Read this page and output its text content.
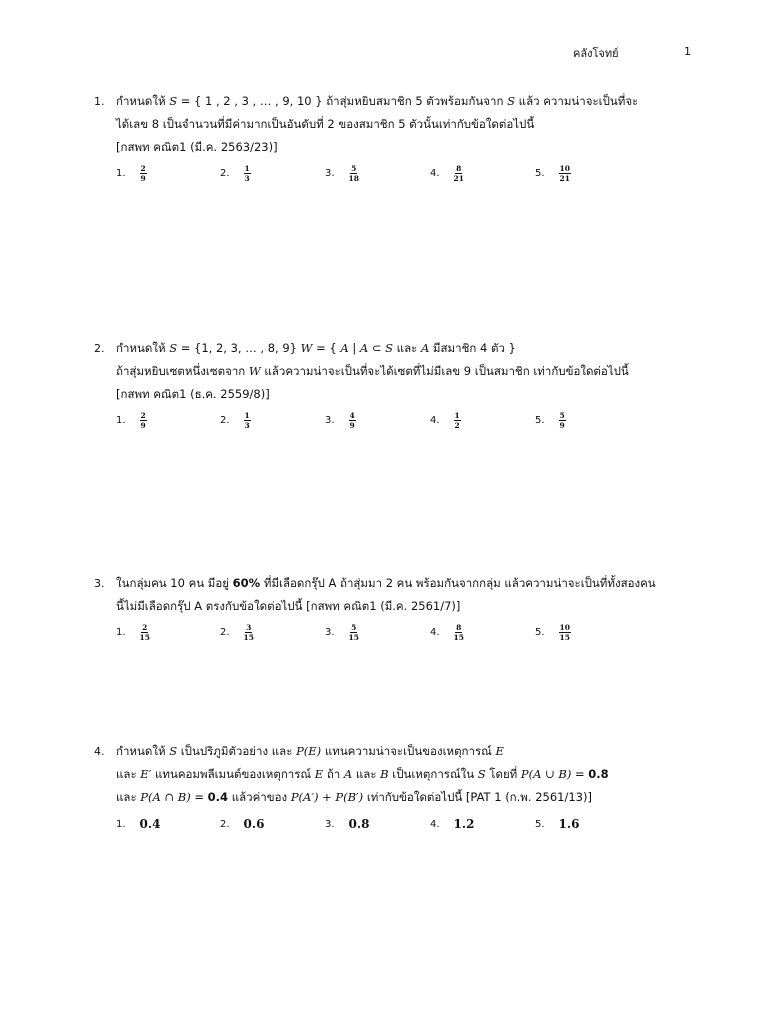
คลังโจทย์	1
1. กำหนดให้ S = { 1 , 2 , 3 , … , 9, 10 } ถ้าสุ่มหยิบสมาชิก 5 ตัวพร้อมกันจาก S แล้ว ความน่าจะเป็นที่จะ
ได้เลข 8 เป็นจำนวนที่มีค่ามากเป็นอันดับที่ 2 ของสมาชิก 5 ตัวนั้นเท่ากับข้อใดต่อไปนี้
[กสพท คณิต1 (มี.ค. 2563/23)]
1. $\frac{2}{9}$	2. $\frac{1}{3}$	3. $\frac{5}{18}$	4. $\frac{8}{21}$	5. $\frac{10}{21}$
2. กำหนดให้ S = {1, 2, 3, … , 8, 9} W = { A | A ⊂ S และ A มีสมาชิก 4 ตัว }
ถ้าสุ่มหยิบเซตหนึ่งเซตจาก W แล้วความน่าจะเป็นที่จะได้เซตที่ไม่มีเลข 9 เป็นสมาชิก เท่ากับข้อใดต่อไปนี้
[กสพท คณิต1 (ธ.ค. 2559/8)]
1. $\frac{2}{9}$	2. $\frac{1}{3}$	3. $\frac{4}{9}$	4. $\frac{1}{2}$	5. $\frac{5}{9}$
3. ในกลุ่มคน 10 คน มีอยู่ 60% ที่มีเลือดกรุ๊ป A ถ้าสุ่มมา 2 คน พร้อมกันจากกลุ่ม แล้วความน่าจะเป็นที่ทั้งสองคน
นี้ไม่มีเลือดกรุ๊ป A ตรงกับข้อใดต่อไปนี้ [กสพท คณิต1 (มี.ค. 2561/7)]
1. $\frac{2}{15}$	2. $\frac{3}{15}$	3. $\frac{5}{15}$	4. $\frac{8}{15}$	5. $\frac{10}{15}$
4. กำหนดให้ S เป็นปริภูมิตัวอย่าง และ P(E) แทนความน่าจะเป็นของเหตุการณ์ E
และ E′ แทนคอมพลีเมนต์ของเหตุการณ์ E ถ้า A และ B เป็นเหตุการณ์ใน S โดยที่ P(A ∪ B) = 0.8
และ P(A ∩ B) = 0.4 แล้วค่าของ P(A′) + P(B′) เท่ากับข้อใดต่อไปนี้ [PAT 1 (ก.พ. 2561/13)]
1. 0.4	2. 0.6	3. 0.8	4. 1.2	5. 1.6
